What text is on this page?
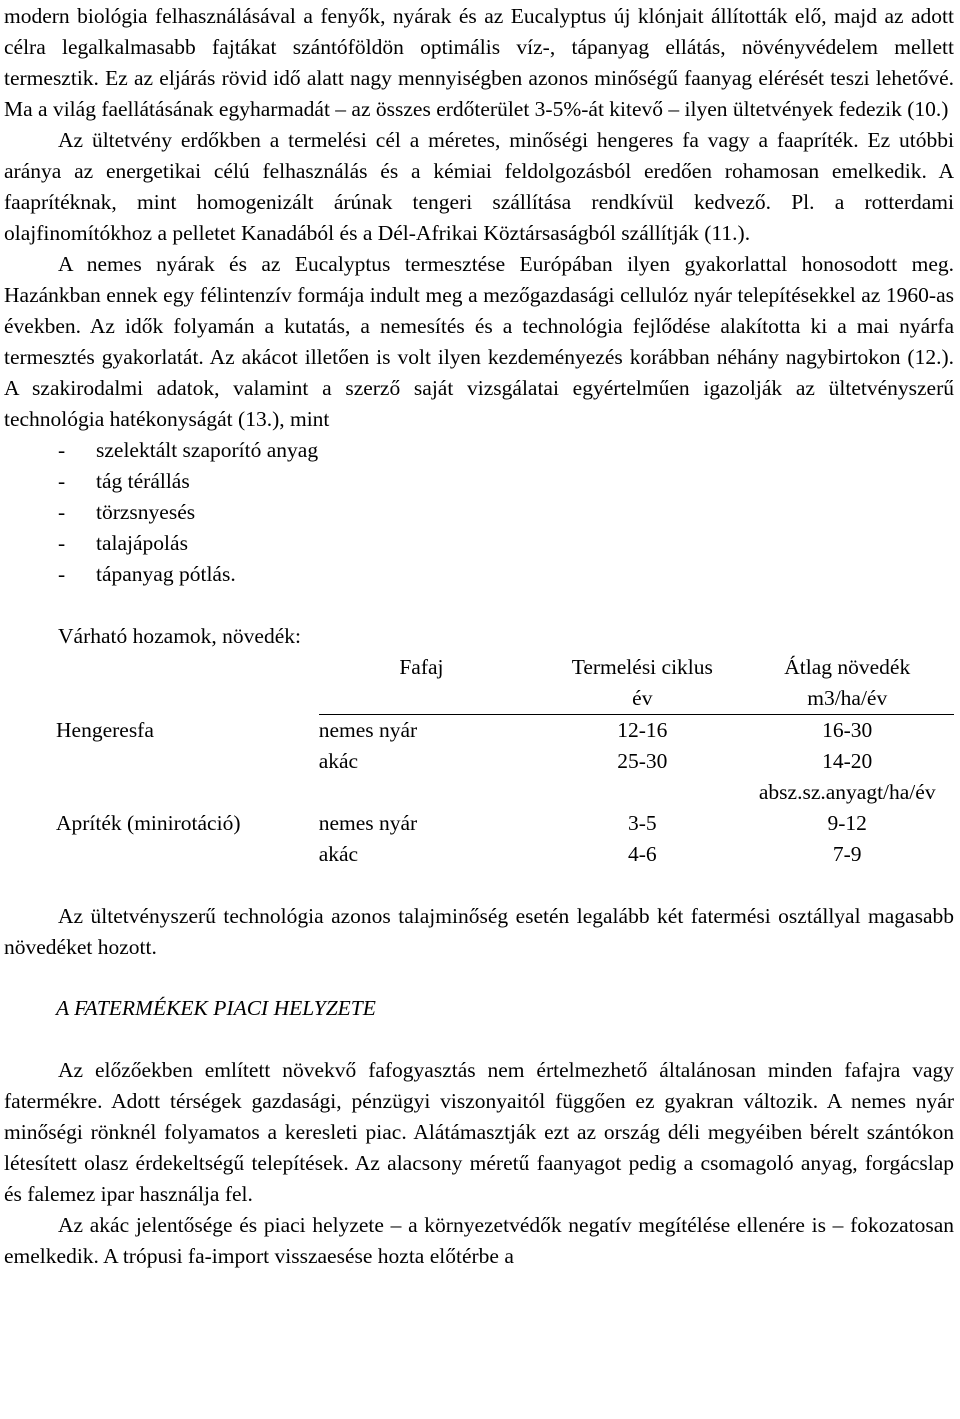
modern biológia felhasználásával a fenyők, nyárak és az Eucalyptus új klónjait állították elő, majd az adott célra legalkalmasabb fajtákat szántóföldön optimális víz-, tápanyag ellátás, növényvédelem mellett termesztik. Ez az eljárás rövid idő alatt nagy mennyiségben azonos minőségű faanyag elérését teszi lehetővé. Ma a világ faellátásának egyharmadát – az összes erdőterület 3-5%-át kitevő – ilyen ültetvények fedezik (10.)

Az ültetvény erdőkben a termelési cél a méretes, minőségi hengeres fa vagy a faapríték. Ez utóbbi aránya az energetikai célú felhasználás és a kémiai feldolgozásból eredően rohamosan emelkedik. A faaprítéknak, mint homogenizált árúnak tengeri szállítása rendkívül kedvező. Pl. a rotterdami olajfinomítókhoz a pelletet Kanadából és a Dél-Afrikai Köztársaságból szállítják (11.).

A nemes nyárak és az Eucalyptus termesztése Európában ilyen gyakorlattal honosodott meg. Hazánkban ennek egy félintenzív formája indult meg a mezőgazdasági cellulóz nyár telepítésekkel az 1960-as években. Az idők folyamán a kutatás, a nemesítés és a technológia fejlődése alakította ki a mai nyárfa termesztés gyakorlatát. Az akácot illetően is volt ilyen kezdeményezés korábban néhány nagybirtokon (12.). A szakirodalmi adatok, valamint a szerző saját vizsgálatai egyértelműen igazolják az ültetvényszerű technológia hatékonyságát (13.), mint

- szelektált szaporító anyag
- tág térállás
- törzsnyesés
- talajápolás
- tápanyag pótlás.
Várható hozamok, növedék:
	Fafaj	Termelési ciklus	Átlag növedék
		év	m3/ha/év
Hengeresfa	nemes nyár	12-16	16-30
	akác	25-30	14-20
			absz.sz.anyagt/ha/év
Apríték (minirotáció)	nemes nyár	3-5	9-12
	akác	4-6	7-9

Az ültetvényszerű technológia azonos talajminőség esetén legalább két fatermési osztállyal magasabb növedéket hozott.

A FATERMÉKEK PIACI HELYZETE

Az előzőekben említett növekvő fafogyasztás nem értelmezhető általánosan minden fafajra vagy fatermékre. Adott térségek gazdasági, pénzügyi viszonyaitól függően ez gyakran változik. A nemes nyár minőségi rönknél folyamatos a keresleti piac. Alátámasztják ezt az ország déli megyéiben bérelt szántókon létesített olasz érdekeltségű telepítések. Az alacsony méretű faanyagot pedig a csomagoló anyag, forgácslap és falemez ipar használja fel.

Az akác jelentősége és piaci helyzete – a környezetvédők negatív megítélése ellenére is – fokozatosan emelkedik. A trópusi fa-import visszaesése hozta előtérbe a
